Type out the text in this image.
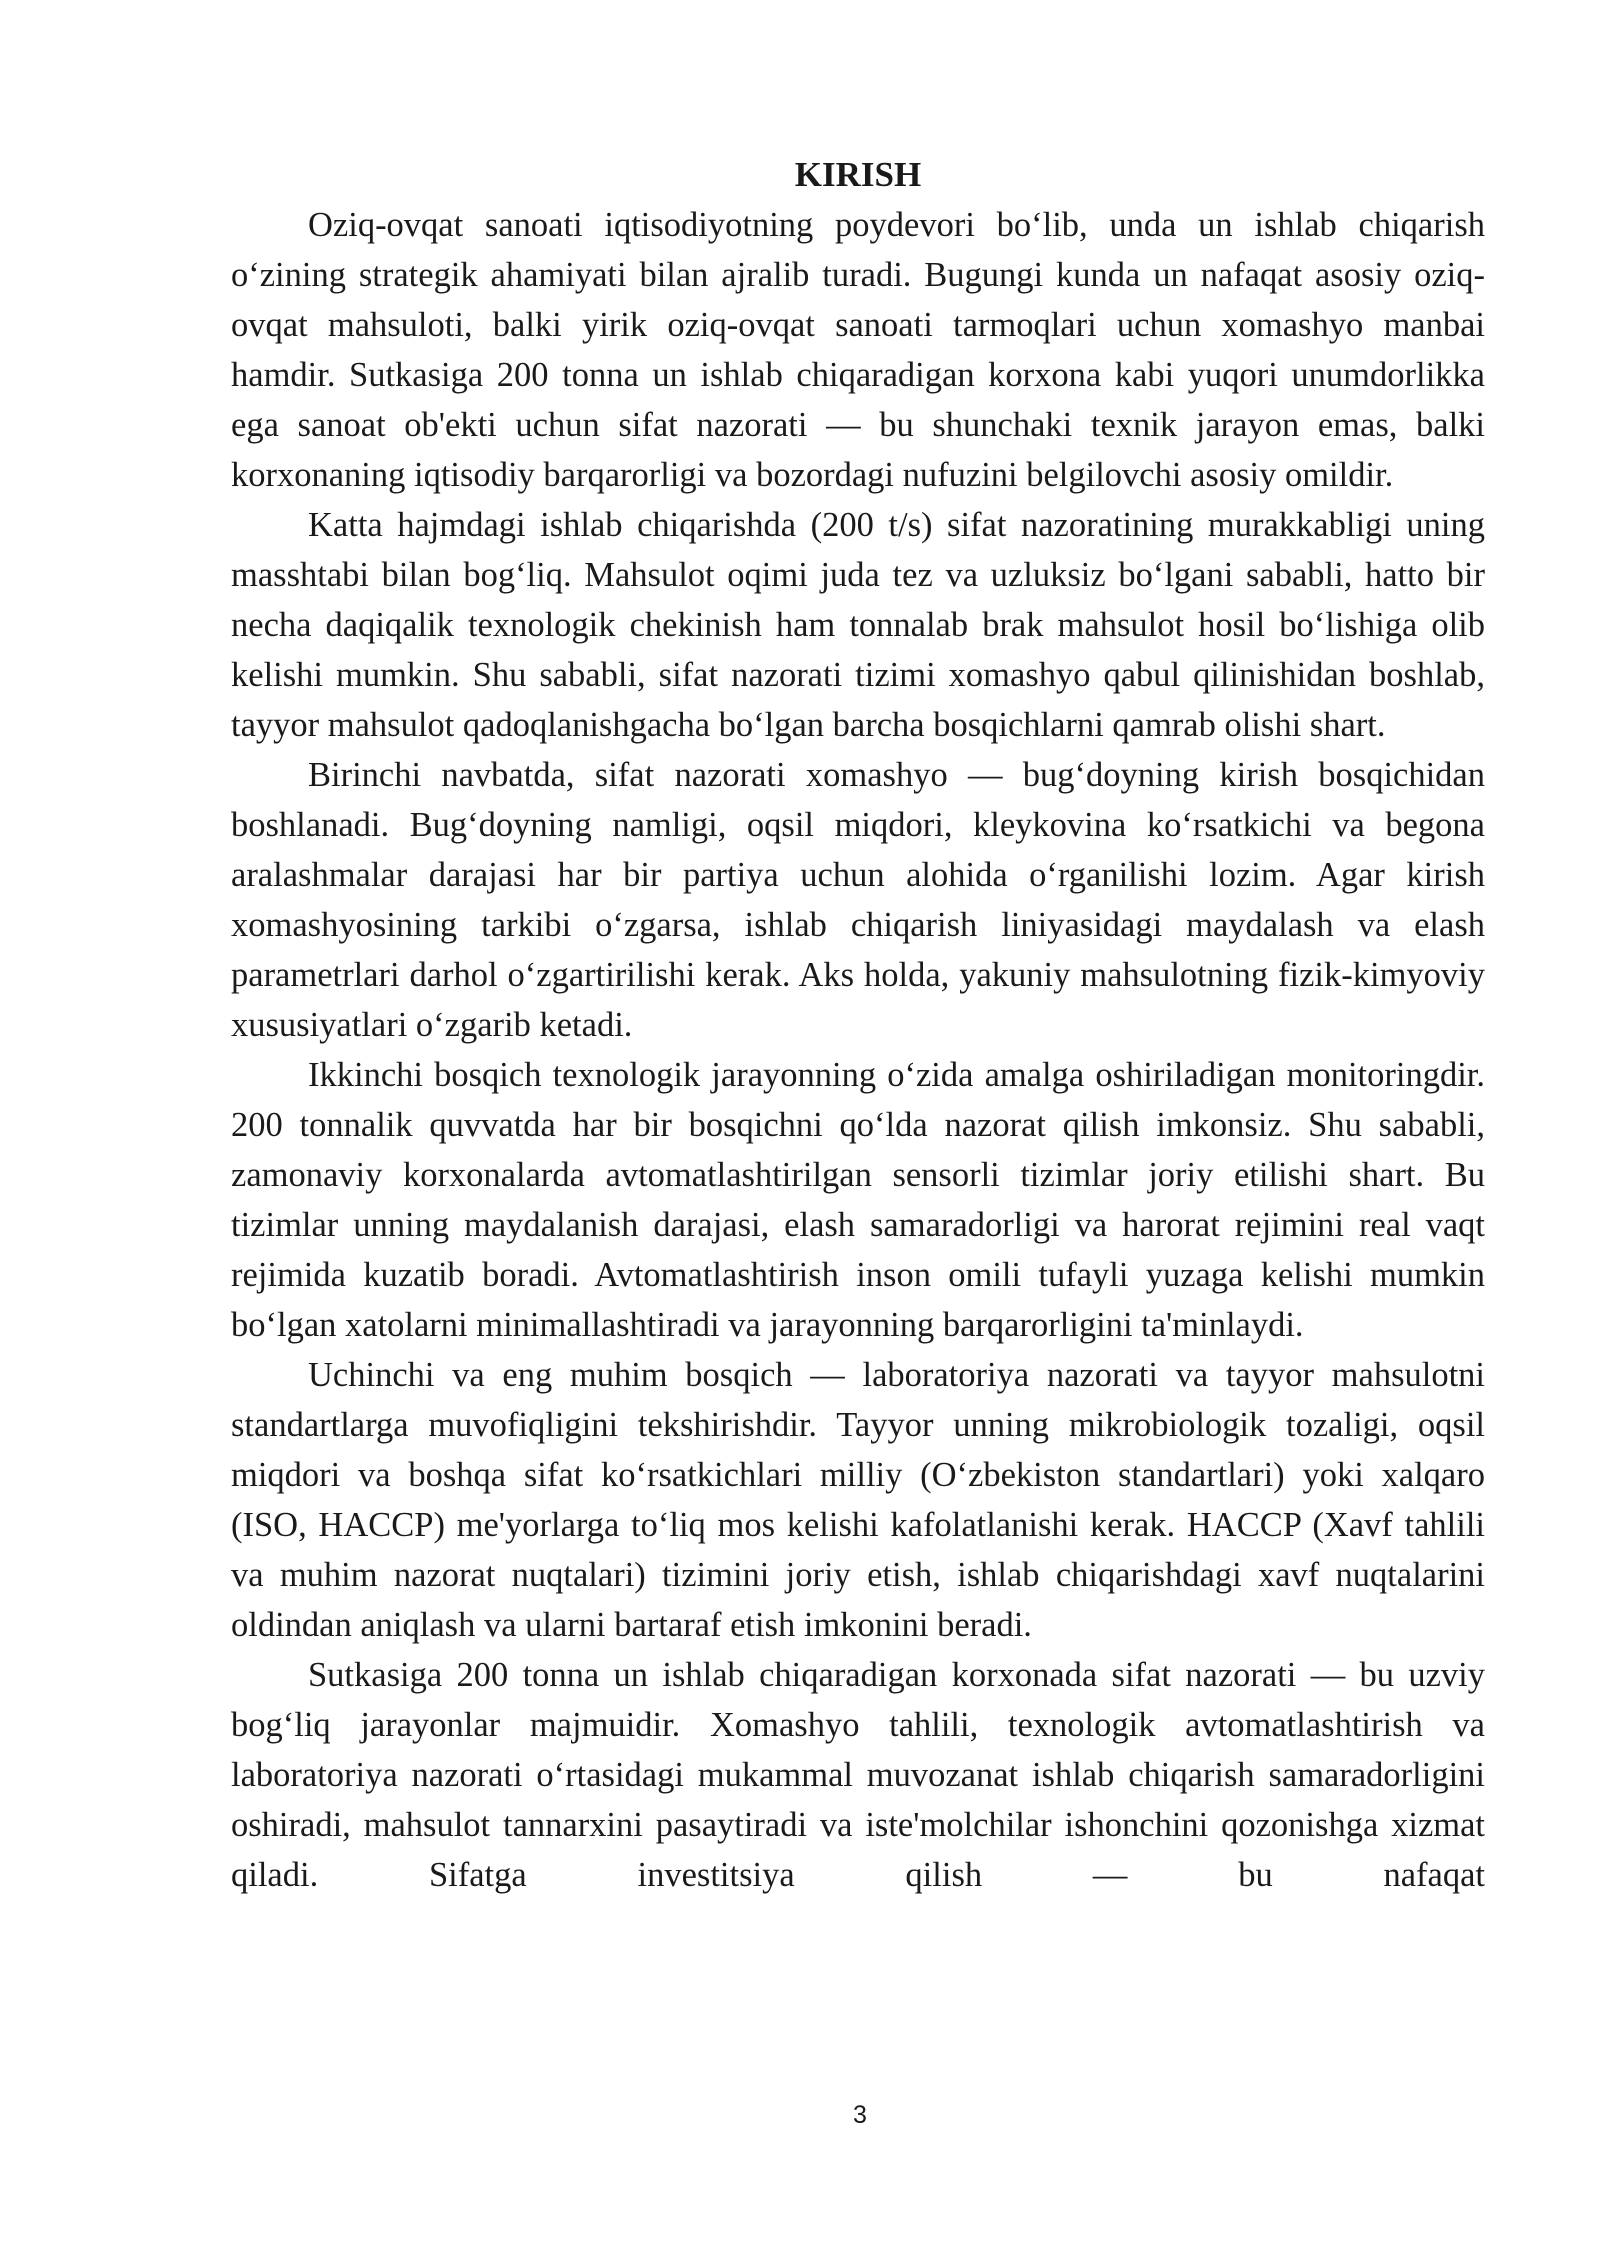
KIRISH

Oziq-ovqat sanoati iqtisodiyotning poydevori bo‘lib, unda un ishlab chiqarish o‘zining strategik ahamiyati bilan ajralib turadi. Bugungi kunda un nafaqat asosiy oziq-ovqat mahsuloti, balki yirik oziq-ovqat sanoati tarmoqlari uchun xomashyo manbai hamdir. Sutkasiga 200 tonna un ishlab chiqaradigan korxona kabi yuqori unumdorlikka ega sanoat ob'ekti uchun sifat nazorati — bu shunchaki texnik jarayon emas, balki korxonaning iqtisodiy barqarorligi va bozordagi nufuzini belgilovchi asosiy omildir.

Katta hajmdagi ishlab chiqarishda (200 t/s) sifat nazoratining murakkabligi uning masshtabi bilan bog‘liq. Mahsulot oqimi juda tez va uzluksiz bo‘lgani sababli, hatto bir necha daqiqalik texnologik chekinish ham tonnalab brak mahsulot hosil bo‘lishiga olib kelishi mumkin. Shu sababli, sifat nazorati tizimi xomashyo qabul qilinishidan boshlab, tayyor mahsulot qadoqlanishgacha bo‘lgan barcha bosqichlarni qamrab olishi shart.

Birinchi navbatda, sifat nazorati xomashyo — bug‘doyning kirish bosqichidan boshlanadi. Bug‘doyning namligi, oqsil miqdori, kleykovina ko‘rsatkichi va begona aralashmalar darajasi har bir partiya uchun alohida o‘rganilishi lozim. Agar kirish xomashyosining tarkibi o‘zgarsa, ishlab chiqarish liniyasidagi maydalash va elash parametrlari darhol o‘zgartirilishi kerak. Aks holda, yakuniy mahsulotning fizik-kimyoviy xususiyatlari o‘zgarib ketadi.

Ikkinchi bosqich texnologik jarayonning o‘zida amalga oshiriladigan monitoringdir. 200 tonnalik quvvatda har bir bosqichni qo‘lda nazorat qilish imkonsiz. Shu sababli, zamonaviy korxonalarda avtomatlashtirilgan sensorli tizimlar joriy etilishi shart. Bu tizimlar unning maydalanish darajasi, elash samaradorligi va harorat rejimini real vaqt rejimida kuzatib boradi. Avtomatlashtirish inson omili tufayli yuzaga kelishi mumkin bo‘lgan xatolarni minimallashtiradi va jarayonning barqarorligini ta'minlaydi.

Uchinchi va eng muhim bosqich — laboratoriya nazorati va tayyor mahsulotni standartlarga muvofiqligini tekshirishdir. Tayyor unning mikrobiologik tozaligi, oqsil miqdori va boshqa sifat ko‘rsatkichlari milliy (O‘zbekiston standartlari) yoki xalqaro (ISO, HACCP) me'yorlarga to‘liq mos kelishi kafolatlanishi kerak. HACCP (Xavf tahlili va muhim nazorat nuqtalari) tizimini joriy etish, ishlab chiqarishdagi xavf nuqtalarini oldindan aniqlash va ularni bartaraf etish imkonini beradi.

Sutkasiga 200 tonna un ishlab chiqaradigan korxonada sifat nazorati — bu uzviy bog‘liq jarayonlar majmuidir. Xomashyo tahlili, texnologik avtomatlashtirish va laboratoriya nazorati o‘rtasidagi mukammal muvozanat ishlab chiqarish samaradorligini oshiradi, mahsulot tannarxini pasaytiradi va iste'molchilar ishonchini qozonishga xizmat qiladi. Sifatga investitsiya qilish — bu nafaqat

3
